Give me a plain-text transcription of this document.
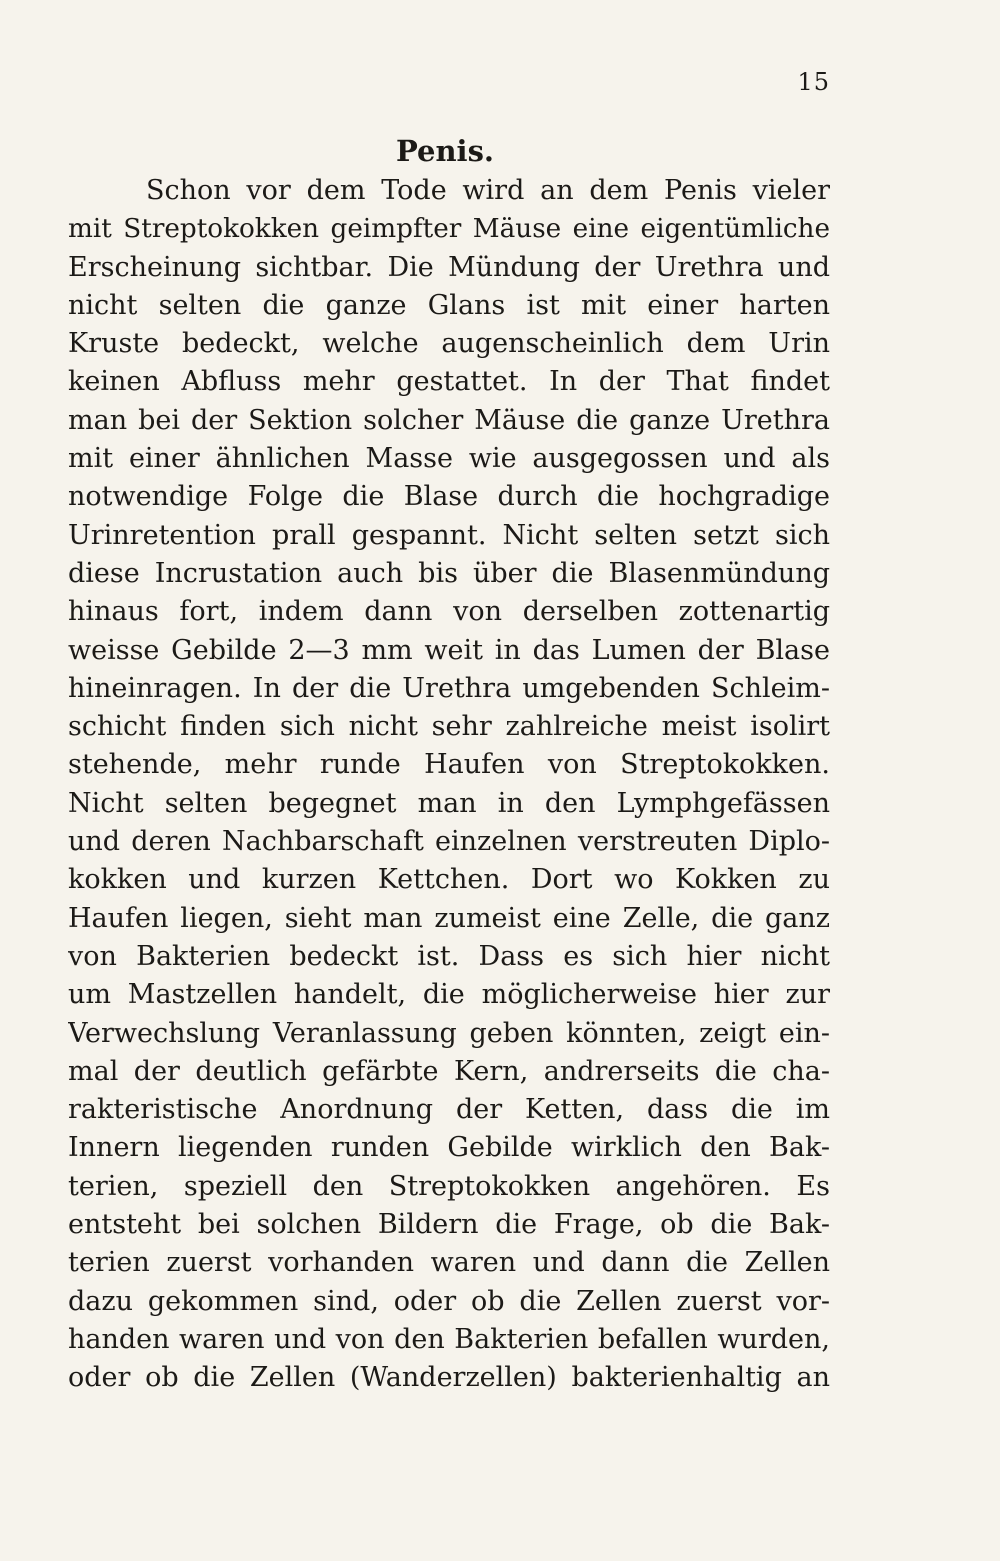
15
Penis.
Schon vor dem Tode wird an dem Penis vieler
mit Streptokokken geimpfter Mäuse eine eigentümliche
Erscheinung sichtbar. Die Mündung der Urethra und
nicht selten die ganze Glans ist mit einer harten
Kruste bedeckt, welche augenscheinlich dem Urin
keinen Abfluss mehr gestattet. In der That findet
man bei der Sektion solcher Mäuse die ganze Urethra
mit einer ähnlichen Masse wie ausgegossen und als
notwendige Folge die Blase durch die hochgradige
Urinretention prall gespannt. Nicht selten setzt sich
diese Incrustation auch bis über die Blasenmündung
hinaus fort, indem dann von derselben zottenartig
weisse Gebilde 2—3 mm weit in das Lumen der Blase
hineinragen. In der die Urethra umgebenden Schleim-
schicht finden sich nicht sehr zahlreiche meist isolirt
stehende, mehr runde Haufen von Streptokokken.
Nicht selten begegnet man in den Lymphgefässen
und deren Nachbarschaft einzelnen verstreuten Diplo-
kokken und kurzen Kettchen. Dort wo Kokken zu
Haufen liegen, sieht man zumeist eine Zelle, die ganz
von Bakterien bedeckt ist. Dass es sich hier nicht
um Mastzellen handelt, die möglicherweise hier zur
Verwechslung Veranlassung geben könnten, zeigt ein-
mal der deutlich gefärbte Kern, andrerseits die cha-
rakteristische Anordnung der Ketten, dass die im
Innern liegenden runden Gebilde wirklich den Bak-
terien, speziell den Streptokokken angehören. Es
entsteht bei solchen Bildern die Frage, ob die Bak-
terien zuerst vorhanden waren und dann die Zellen
dazu gekommen sind, oder ob die Zellen zuerst vor-
handen waren und von den Bakterien befallen wurden,
oder ob die Zellen (Wanderzellen) bakterienhaltig an
